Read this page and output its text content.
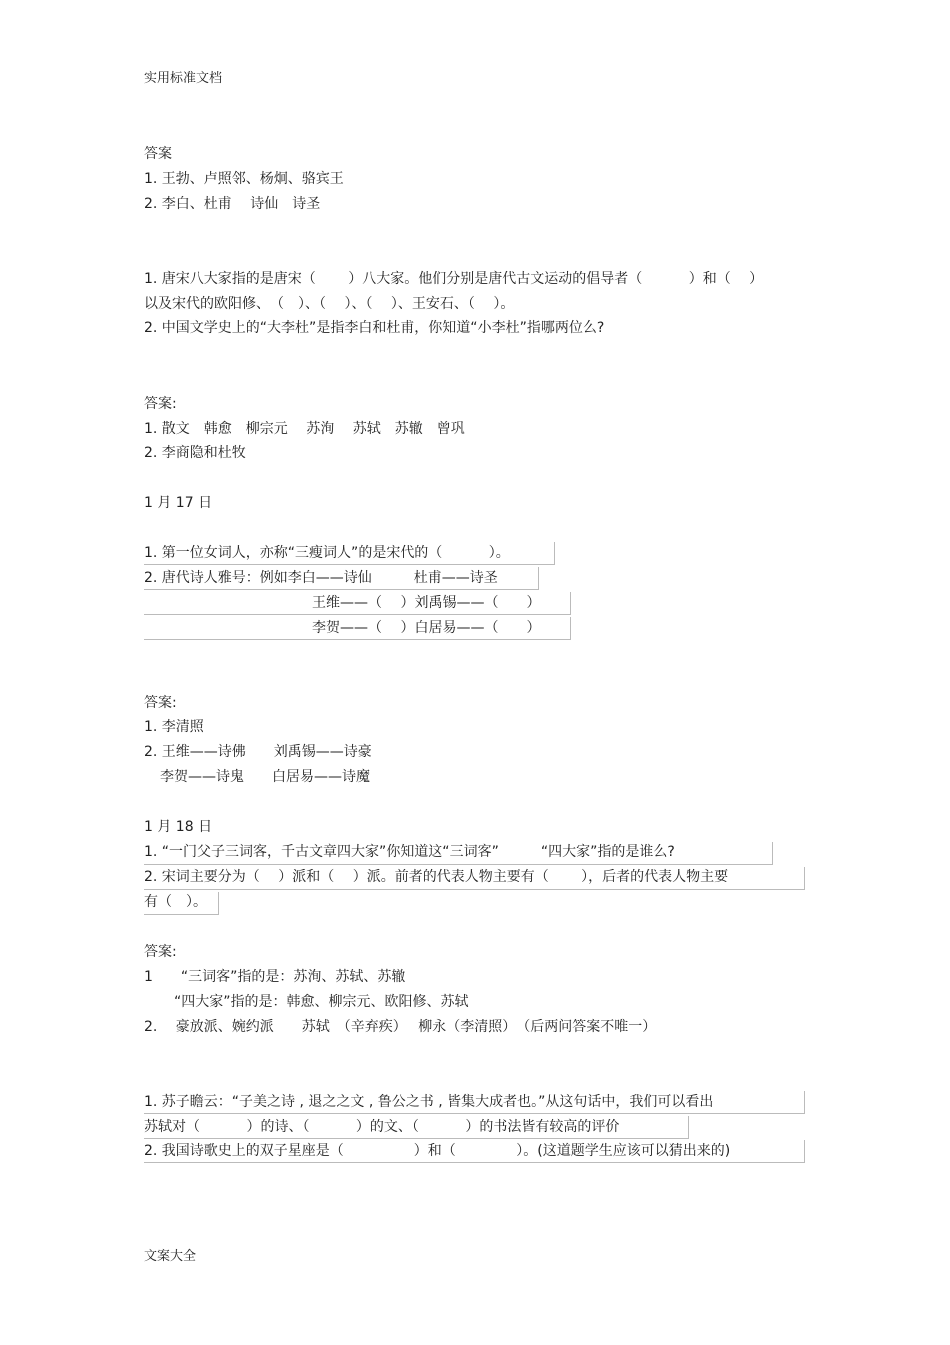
实用标准文档
文案大全
答案
1. 王勃、卢照邻、杨炯、骆宾王
2. 李白、杜甫　 诗仙　诗圣
1. 唐宋八大家指的是唐宋（　　 ）八大家。他们分别是唐代古文运动的倡导者（　　　 ）和（　 ）
以及宋代的欧阳修、　（　）、（　 ）、（　 ）、王安石、（　 ）。
2. 中国文学史上的“大李杜”是指李白和杜甫，你知道“小李杜”指哪两位么?
答案:
1. 散文　韩愈　柳宗元　 苏洵　 苏轼　苏辙　曾巩
2. 李商隐和杜牧
1 月 17 日
1. 第一位女词人，亦称“三瘦词人”的是宋代的（　　　 ）。
2. 唐代诗人雅号：例如李白——诗仙　　　杜甫——诗圣
王维——（　 ）刘禹锡——（　　）
李贺——（　 ）白居易——（　　）
答案:
1. 李清照
2. 王维——诗佛　　刘禹锡——诗豪
李贺——诗鬼　　白居易——诗魔
1 月 18 日
1. “一门父子三词客，千古文章四大家”你知道这“三词客”　　　“四大家”指的是谁么?
2. 宋词主要分为（　 ）派和（　 ）派。前者的代表人物主要有（　　 ），后者的代表人物主要
有（　）。
答案:
1　　“三词客”指的是：苏洵、苏轼、苏辙
“四大家”指的是：韩愈、柳宗元、欧阳修、苏轼
2.　 豪放派、婉约派　　苏轼　（辛弃疾）　 柳永（李清照）　（后两问答案不唯一）
1. 苏子瞻云：“子美之诗 , 退之之文 , 鲁公之书 , 皆集大成者也。”从这句话中，我们可以看出
苏轼对（　　　 ）的诗、（　　　 ）的文、（　　　 ）的书法皆有较高的评价
2. 我国诗歌史上的双子星座是（　　　　　）和（　　　　 ）。(这道题学生应该可以猜出来的)
